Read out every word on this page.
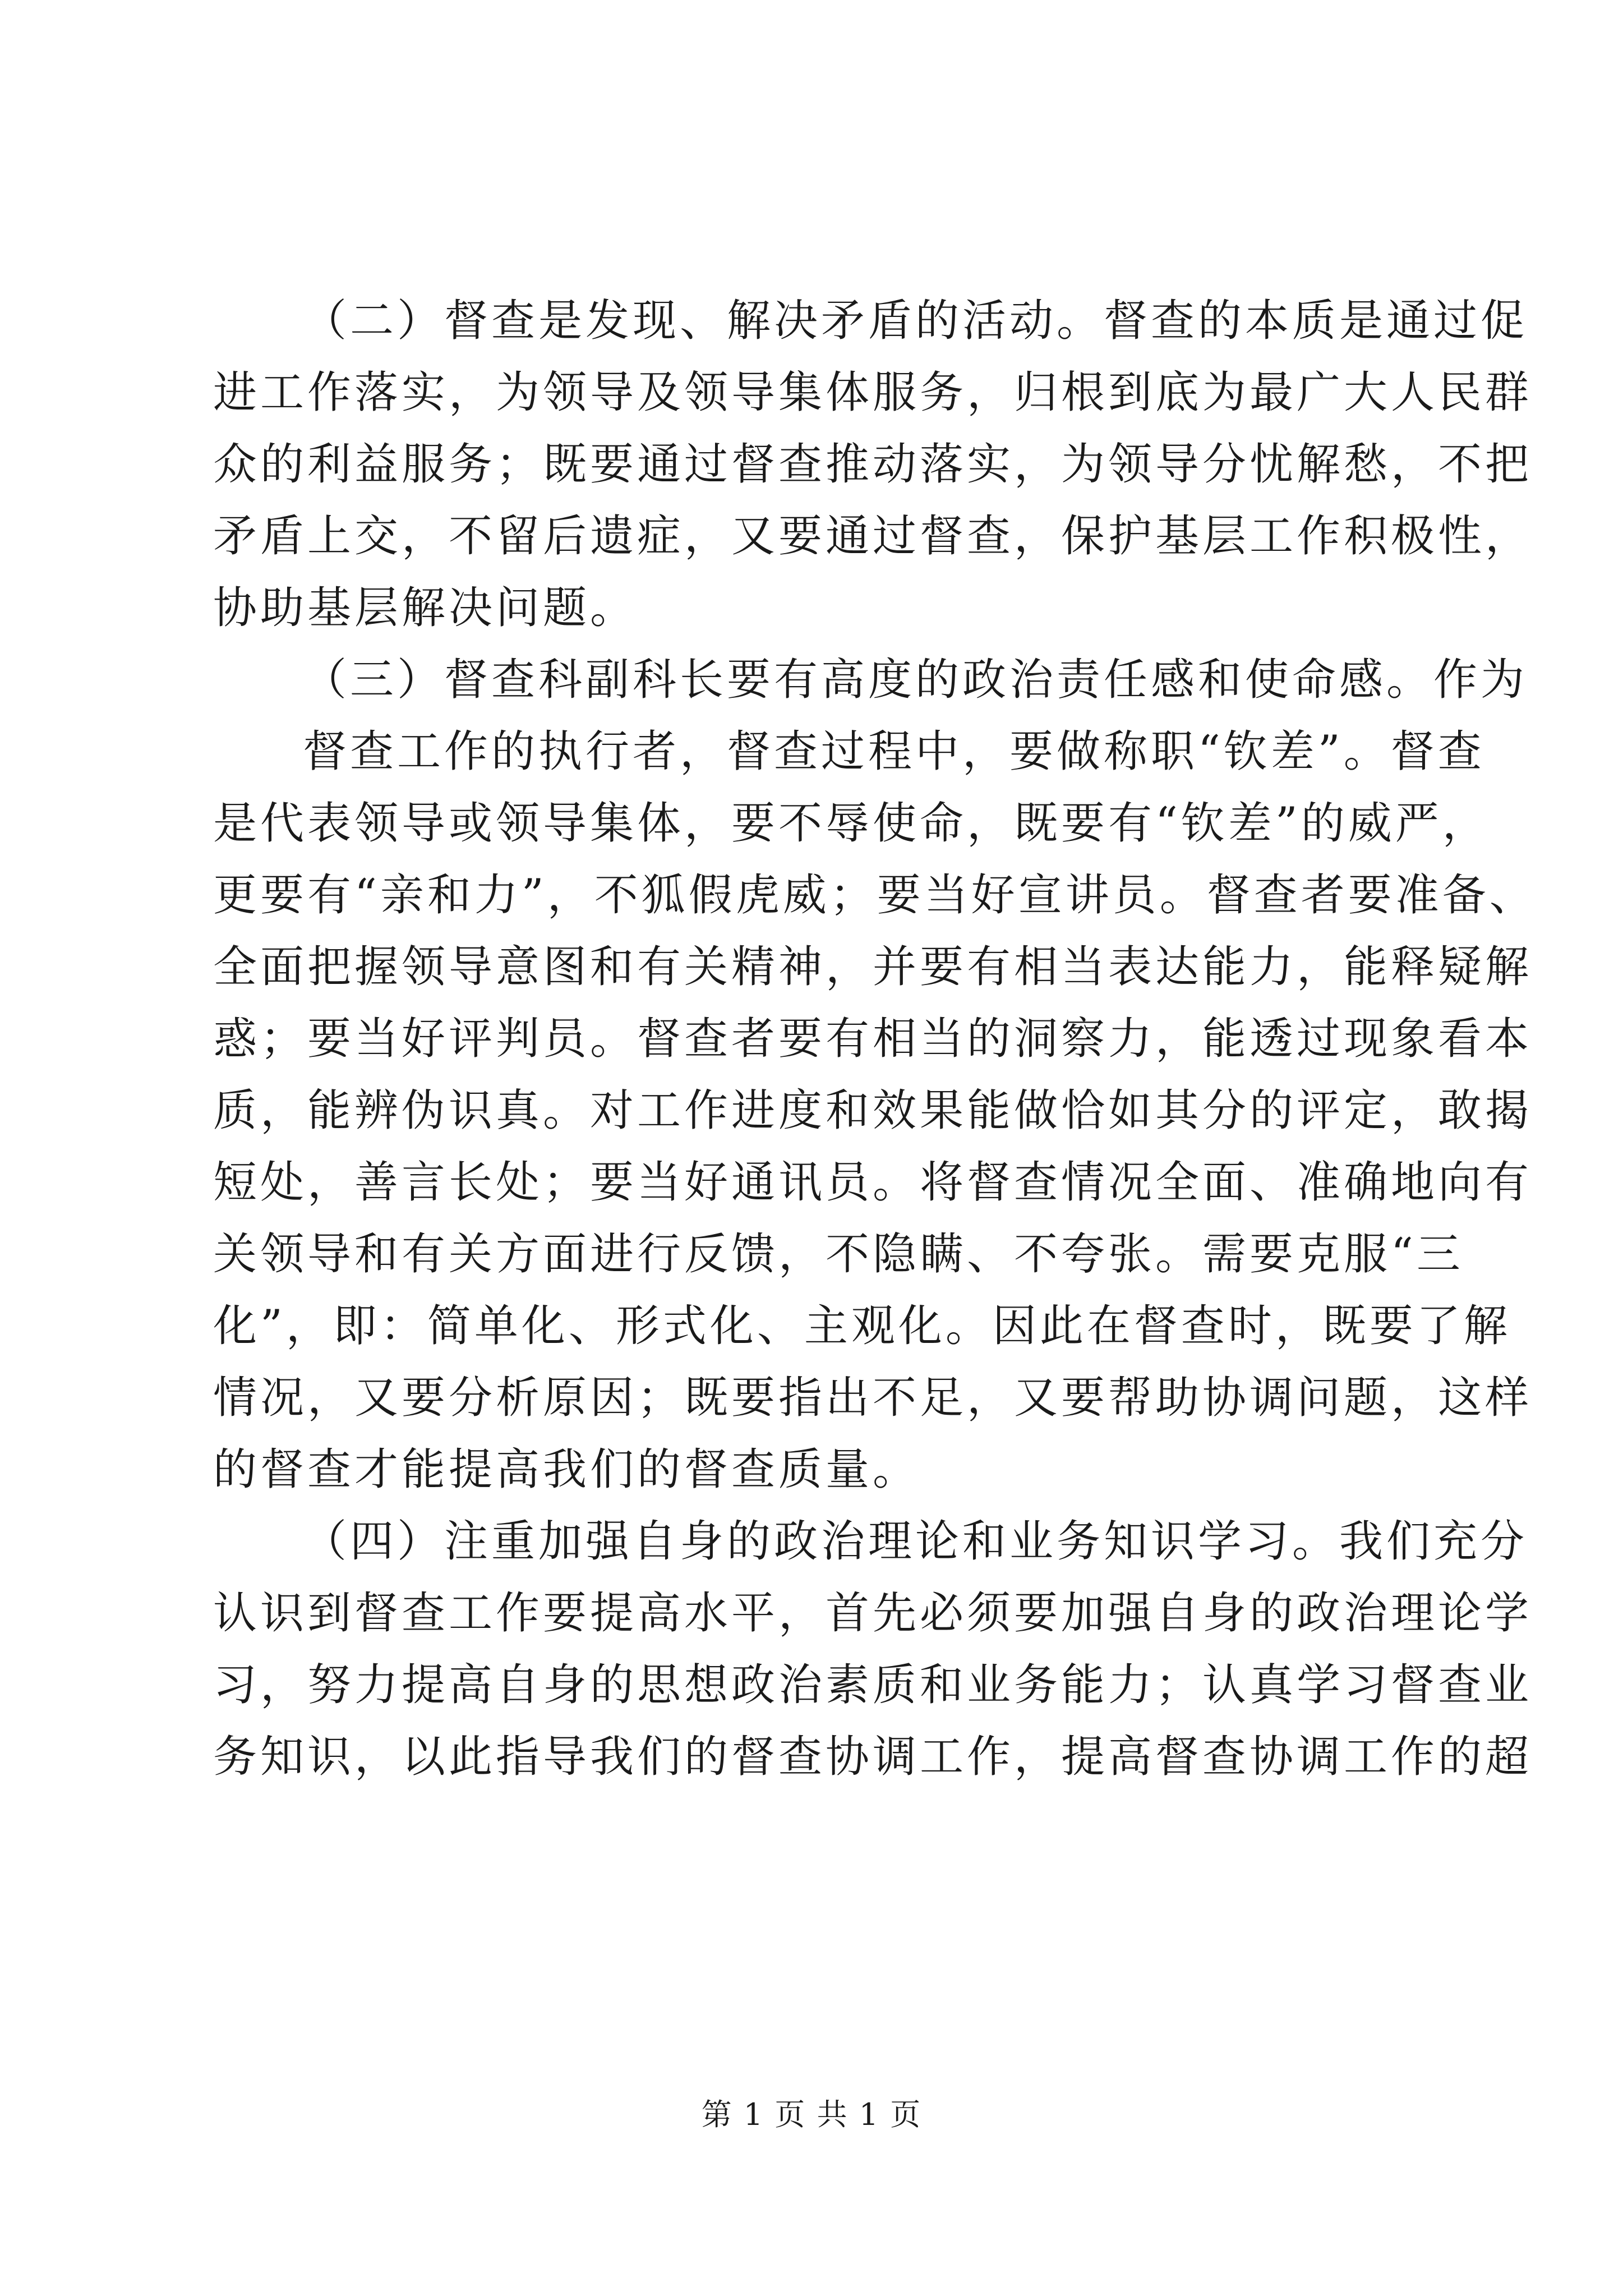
（二）督查是发现、解决矛盾的活动。督查的本质是通过促
进工作落实，为领导及领导集体服务，归根到底为最广大人民群
众的利益服务；既要通过督查推动落实，为领导分忧解愁，不把
矛盾上交，不留后遗症，又要通过督查，保护基层工作积极性，
协助基层解决问题。
（三）督查科副科长要有高度的政治责任感和使命感。作为
督查工作的执行者，督查过程中，要做称职“钦差”。督查
是代表领导或领导集体，要不辱使命，既要有“钦差”的威严，
更要有“亲和力”，不狐假虎威；要当好宣讲员。督查者要准备、
全面把握领导意图和有关精神，并要有相当表达能力，能释疑解
惑；要当好评判员。督查者要有相当的洞察力，能透过现象看本
质，能辨伪识真。对工作进度和效果能做恰如其分的评定，敢揭
短处，善言长处；要当好通讯员。将督查情况全面、准确地向有
关领导和有关方面进行反馈，不隐瞒、不夸张。需要克服“三
化”，即：简单化、形式化、主观化。因此在督查时，既要了解
情况，又要分析原因；既要指出不足，又要帮助协调问题，这样
的督查才能提高我们的督查质量。
（四）注重加强自身的政治理论和业务知识学习。我们充分
认识到督查工作要提高水平，首先必须要加强自身的政治理论学
习，努力提高自身的思想政治素质和业务能力；认真学习督查业
务知识，以此指导我们的督查协调工作，提高督查协调工作的超
第 1 页 共 1 页
